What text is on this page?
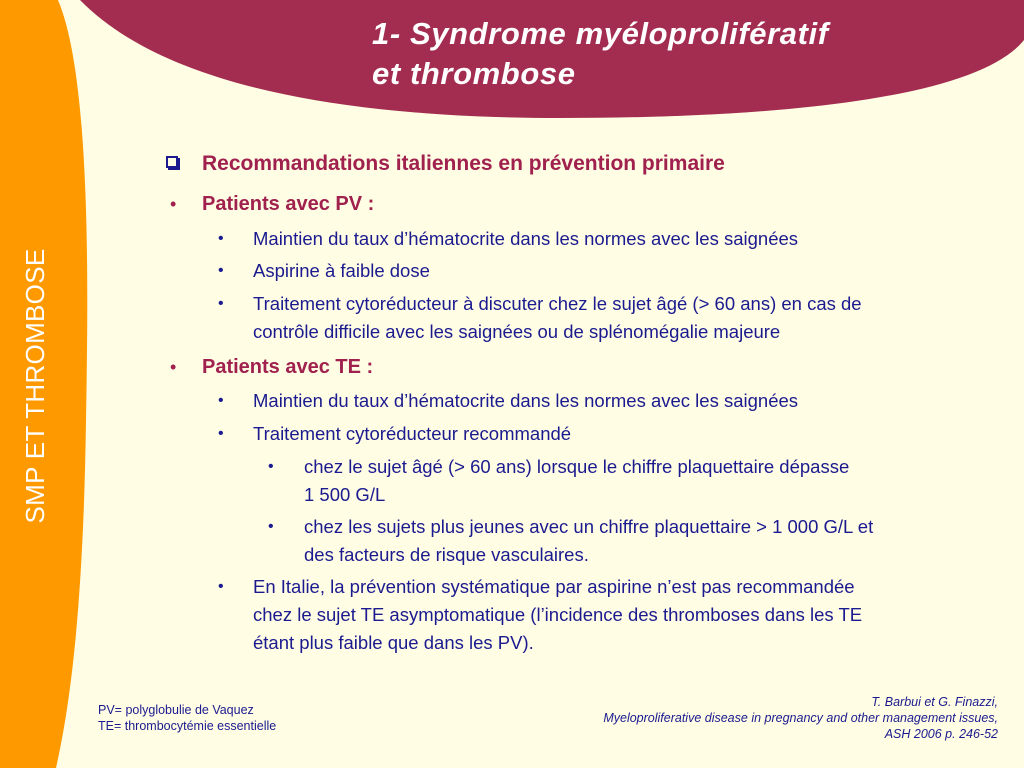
SMP ET THROMBOSE
1- Syndrome myéloprolifératif
et thrombose
Recommandations italiennes en prévention primaire
• Patients avec PV :
• Maintien du taux d’hématocrite dans les normes avec les saignées
• Aspirine à faible dose
• Traitement cytoréducteur à discuter chez le sujet âgé (> 60 ans) en cas de
contrôle difficile avec les saignées ou de splénomégalie majeure
• Patients avec TE :
• Maintien du taux d’hématocrite dans les normes avec les saignées
• Traitement cytoréducteur recommandé
• chez le sujet âgé (> 60 ans) lorsque le chiffre plaquettaire dépasse
1 500 G/L
• chez les sujets plus jeunes avec un chiffre plaquettaire > 1 000 G/L et
des facteurs de risque vasculaires.
• En Italie, la prévention systématique par aspirine n’est pas recommandée
chez le sujet TE asymptomatique (l’incidence des thromboses dans les TE
étant plus faible que dans les PV).
PV= polyglobulie de Vaquez
TE= thrombocytémie essentielle
T. Barbui et G. Finazzi,
Myeloproliferative disease in pregnancy and other management issues,
ASH 2006 p. 246-52
